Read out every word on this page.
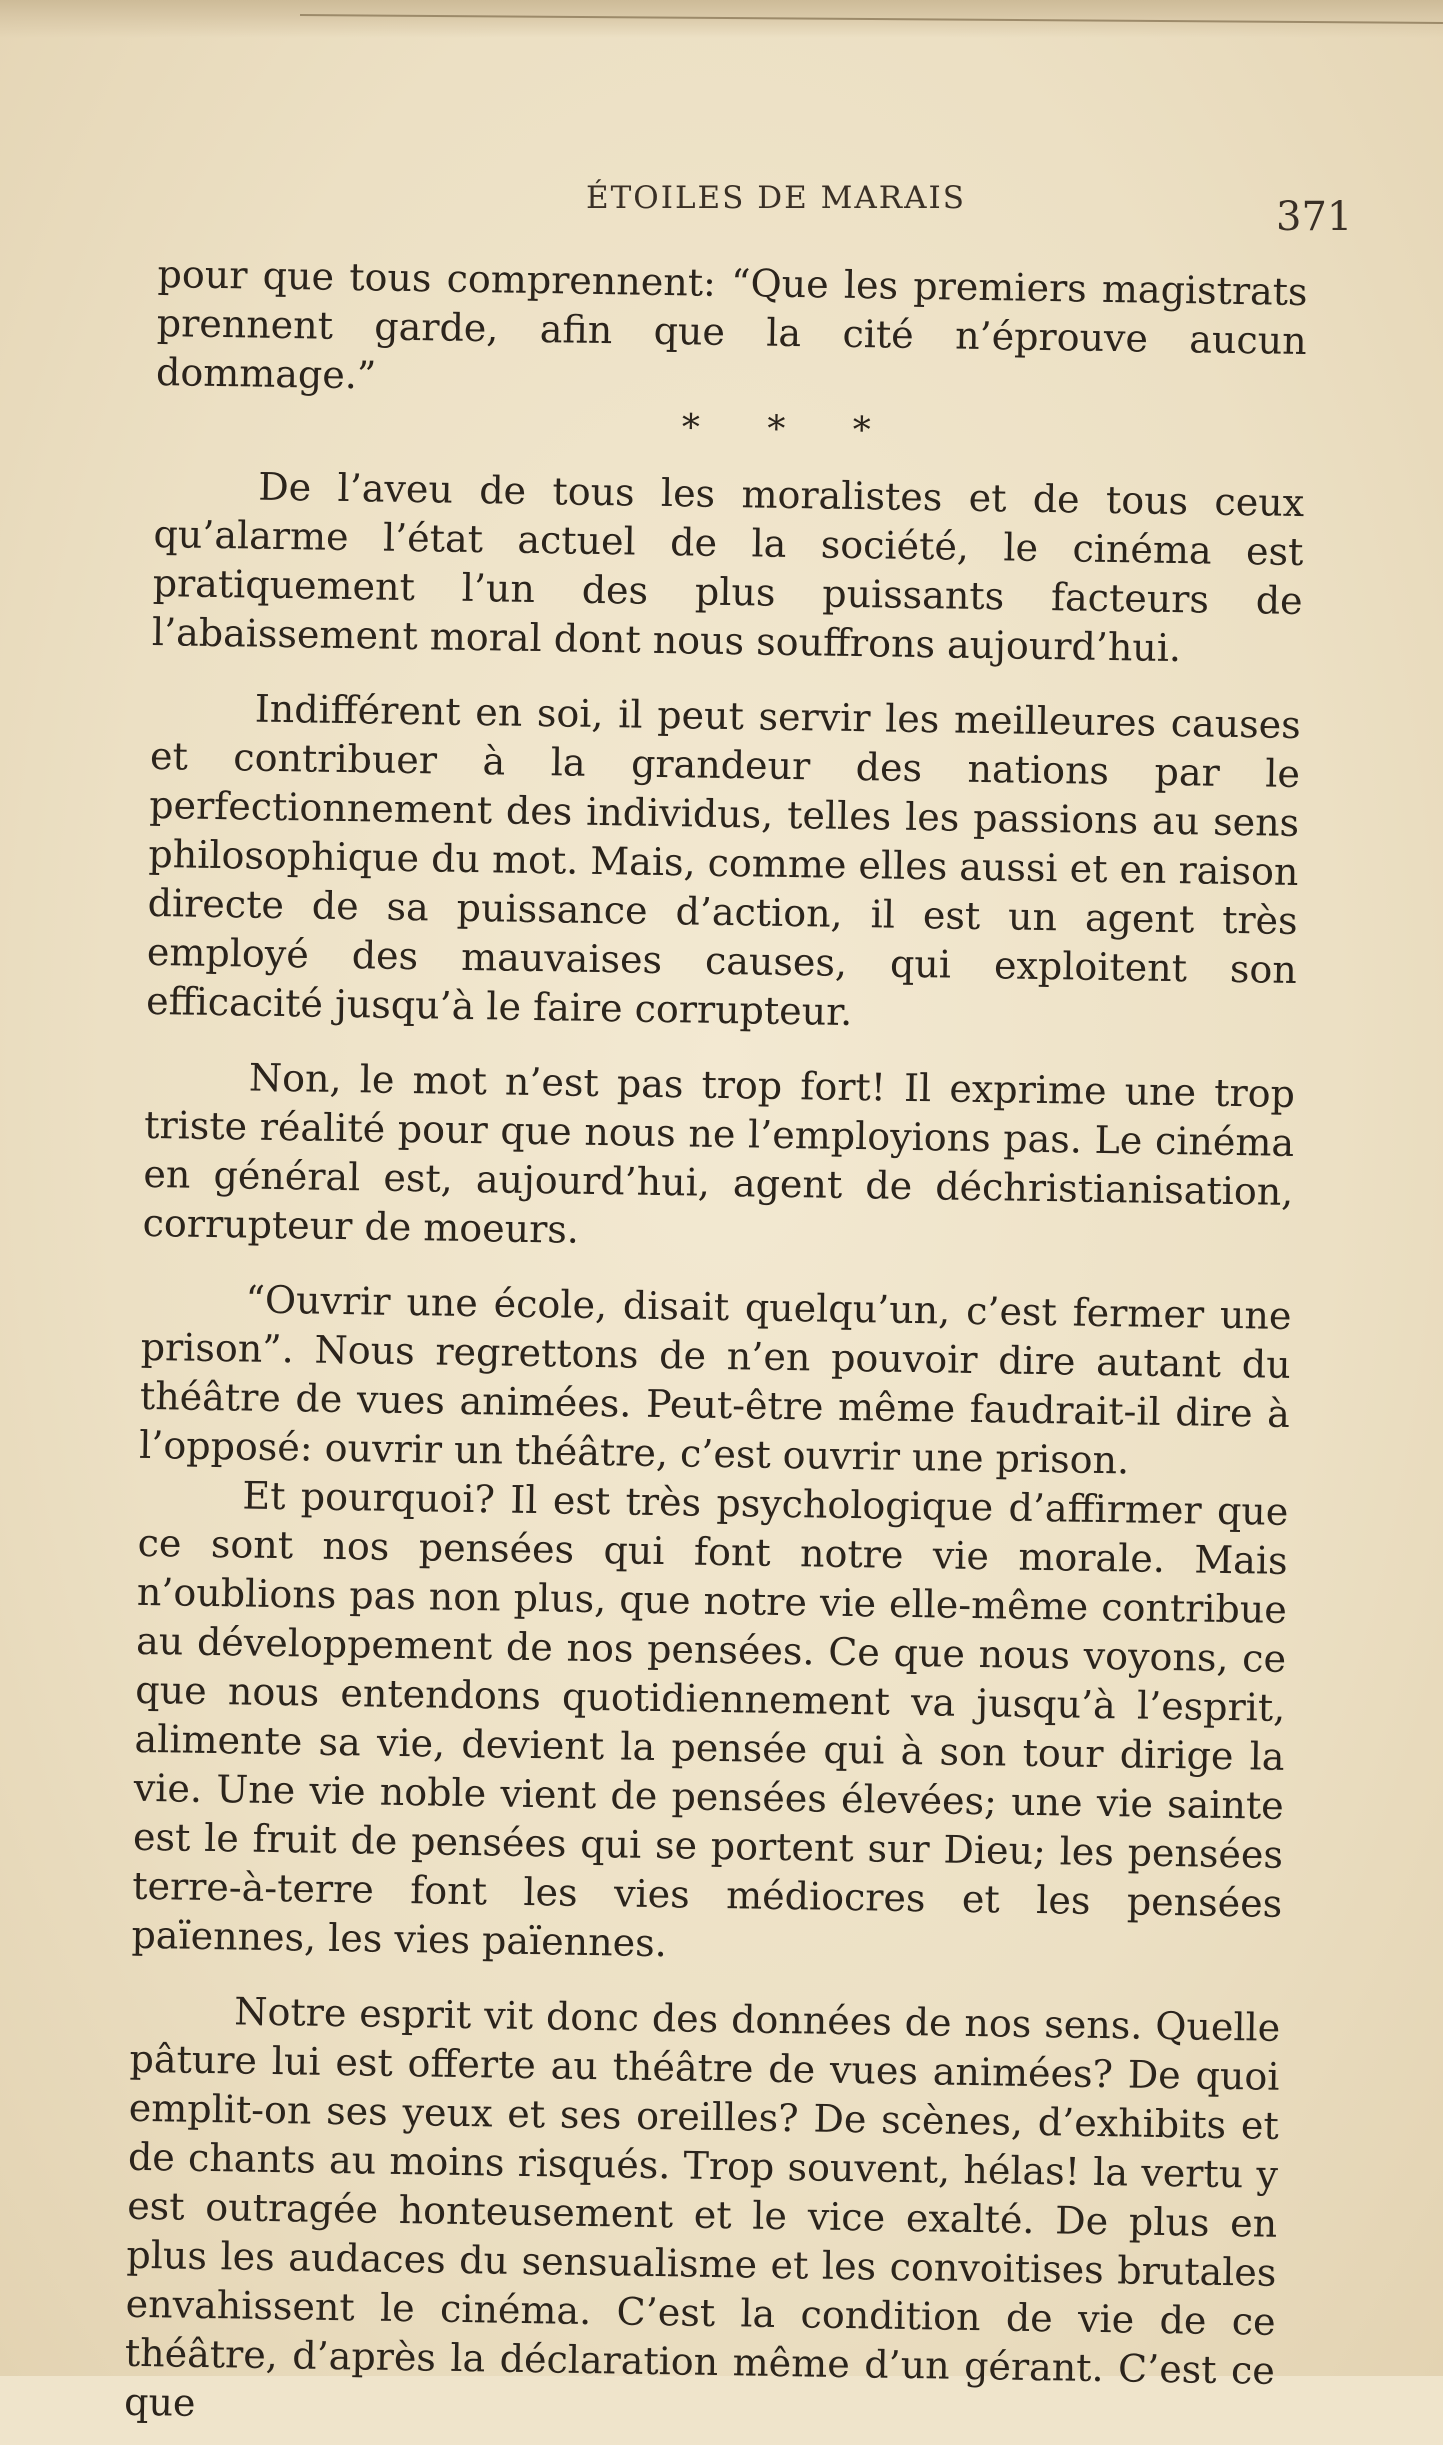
ÉTOILES DE MARAIS	371

pour que tous comprennent: “Que les premiers magistrats prennent garde, afin que la cité n’éprouve aucun dommage.”

* * *

De l’aveu de tous les moralistes et de tous ceux qu’alarme l’état actuel de la société, le cinéma est pratiquement l’un des plus puissants facteurs de l’abaissement moral dont nous souffrons aujourd’hui.

Indifférent en soi, il peut servir les meilleures causes et contribuer à la grandeur des nations par le perfectionnement des individus, telles les passions au sens philosophique du mot. Mais, comme elles aussi et en raison directe de sa puissance d’action, il est un agent très employé des mauvaises causes, qui exploitent son efficacité jusqu’à le faire corrupteur.

Non, le mot n’est pas trop fort! Il exprime une trop triste réalité pour que nous ne l’employions pas. Le cinéma en général est, aujourd’hui, agent de déchristianisation, corrupteur de moeurs.

“Ouvrir une école, disait quelqu’un, c’est fermer une prison”. Nous regrettons de n’en pouvoir dire autant du théâtre de vues animées. Peut-être même faudrait-il dire à l’opposé: ouvrir un théâtre, c’est ouvrir une prison.

Et pourquoi? Il est très psychologique d’affirmer que ce sont nos pensées qui font notre vie morale. Mais n’oublions pas non plus, que notre vie elle-même contribue au développement de nos pensées. Ce que nous voyons, ce que nous entendons quotidiennement va jusqu’à l’esprit, alimente sa vie, devient la pensée qui à son tour dirige la vie. Une vie noble vient de pensées élevées; une vie sainte est le fruit de pensées qui se portent sur Dieu; les pensées terre-à-terre font les vies médiocres et les pensées païennes, les vies païennes.

Notre esprit vit donc des données de nos sens. Quelle pâture lui est offerte au théâtre de vues animées? De quoi emplit-on ses yeux et ses oreilles? De scènes, d’exhibits et de chants au moins risqués. Trop souvent, hélas! la vertu y est outragée honteusement et le vice exalté. De plus en plus les audaces du sensualisme et les convoitises brutales envahissent le cinéma. C’est la condition de vie de ce théâtre, d’après la déclaration même d’un gérant. C’est ce que
